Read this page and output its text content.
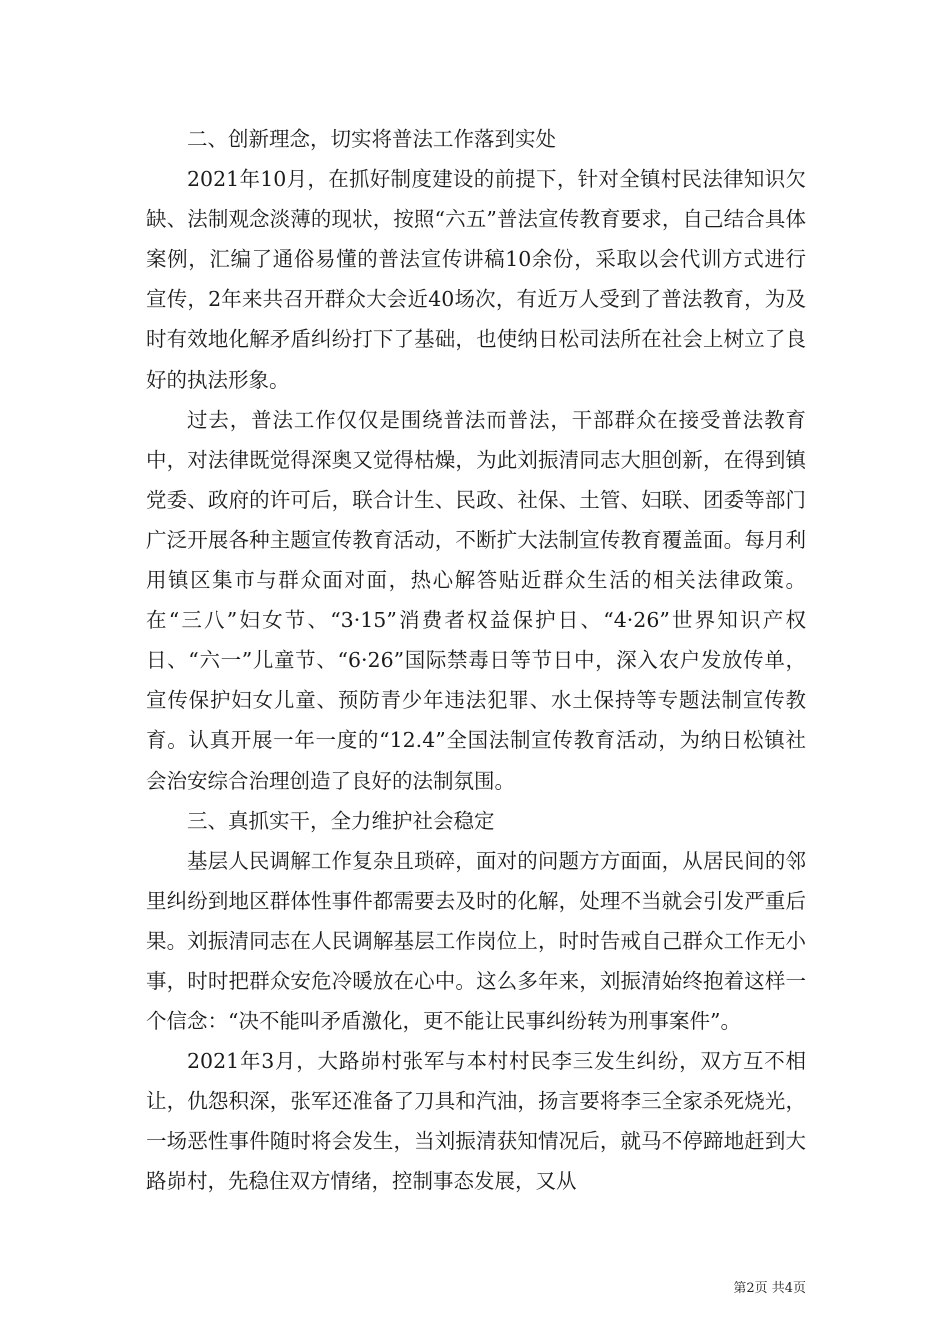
二、创新理念，切实将普法工作落到实处

2021年10月，在抓好制度建设的前提下，针对全镇村民法律知识欠缺、法制观念淡薄的现状，按照“六五”普法宣传教育要求，自己结合具体案例，汇编了通俗易懂的普法宣传讲稿10余份，采取以会代训方式进行宣传，2年来共召开群众大会近40场次，有近万人受到了普法教育，为及时有效地化解矛盾纠纷打下了基础，也使纳日松司法所在社会上树立了良好的执法形象。

过去，普法工作仅仅是围绕普法而普法，干部群众在接受普法教育中，对法律既觉得深奥又觉得枯燥，为此刘振清同志大胆创新，在得到镇党委、政府的许可后，联合计生、民政、社保、土管、妇联、团委等部门广泛开展各种主题宣传教育活动，不断扩大法制宣传教育覆盖面。每月利用镇区集市与群众面对面，热心解答贴近群众生活的相关法律政策。在“三八”妇女节、“3·15”消费者权益保护日、“4·26”世界知识产权日、“六一”儿童节、“6·26”国际禁毒日等节日中，深入农户发放传单，宣传保护妇女儿童、预防青少年违法犯罪、水土保持等专题法制宣传教育。认真开展一年一度的“12.4”全国法制宣传教育活动，为纳日松镇社会治安综合治理创造了良好的法制氛围。

三、真抓实干，全力维护社会稳定

基层人民调解工作复杂且琐碎，面对的问题方方面面，从居民间的邻里纠纷到地区群体性事件都需要去及时的化解，处理不当就会引发严重后果。刘振清同志在人民调解基层工作岗位上，时时告戒自己群众工作无小事，时时把群众安危冷暖放在心中。这么多年来，刘振清始终抱着这样一个信念：“决不能叫矛盾激化，更不能让民事纠纷转为刑事案件”。

2021年3月，大路峁村张军与本村村民李三发生纠纷，双方互不相让，仇怨积深，张军还准备了刀具和汽油，扬言要将李三全家杀死烧光，一场恶性事件随时将会发生，当刘振清获知情况后，就马不停蹄地赶到大路峁村，先稳住双方情绪，控制事态发展，又从

第2页 共4页
